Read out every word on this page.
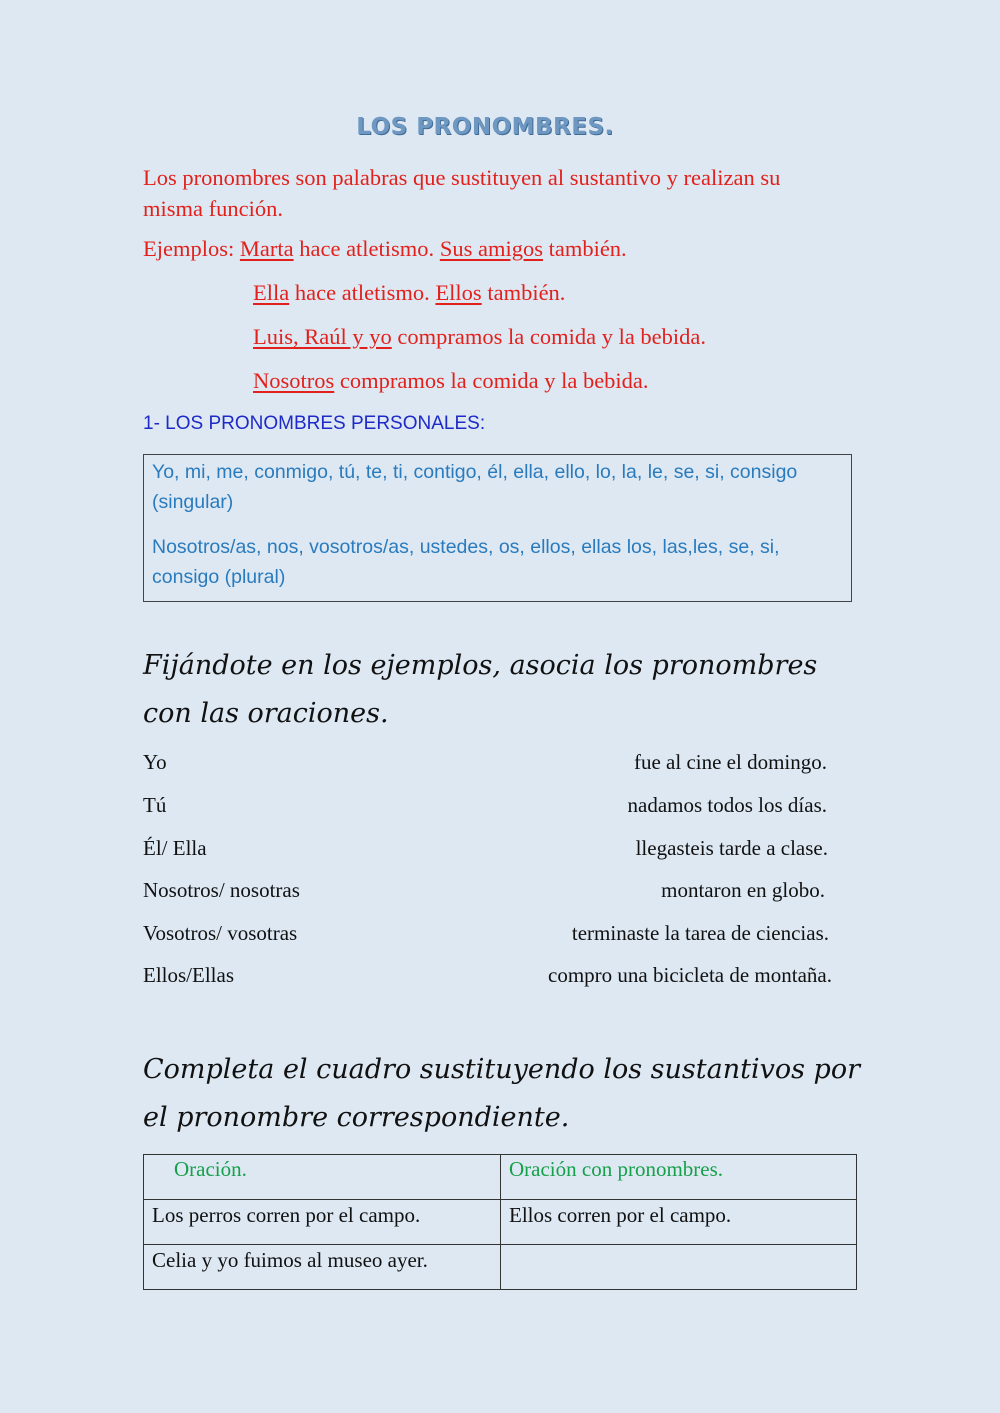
LOS PRONOMBRES.
Los pronombres son palabras que sustituyen al sustantivo y realizan su misma función.
Ejemplos: Marta hace atletismo. Sus amigos también.
Ella hace atletismo. Ellos también.
Luis, Raúl y yo compramos la comida y la bebida.
Nosotros compramos la comida y la bebida.
1- LOS PRONOMBRES PERSONALES:

Yo, mi, me, conmigo, tú, te, ti, contigo, él, ella, ello, lo, la, le, se, si, consigo (singular)

Nosotros/as, nos, vosotros/as, ustedes, os, ellos, ellas los, las,les, se, si, consigo (plural)

Fijándote en los ejemplos, asocia los pronombres con las oraciones.
Yo	fue al cine el domingo.
Tú	nadamos todos los días.
Él/ Ella	llegasteis tarde a clase.
Nosotros/ nosotras	montaron en globo.
Vosotros/ vosotras	terminaste la tarea de ciencias.
Ellos/Ellas	compro una bicicleta de montaña.
Completa el cuadro sustituyendo los sustantivos por el pronombre correspondiente.
Oración.	Oración con pronombres.
Los perros corren por el campo.	Ellos corren por el campo.
Celia y yo fuimos al museo ayer.	
